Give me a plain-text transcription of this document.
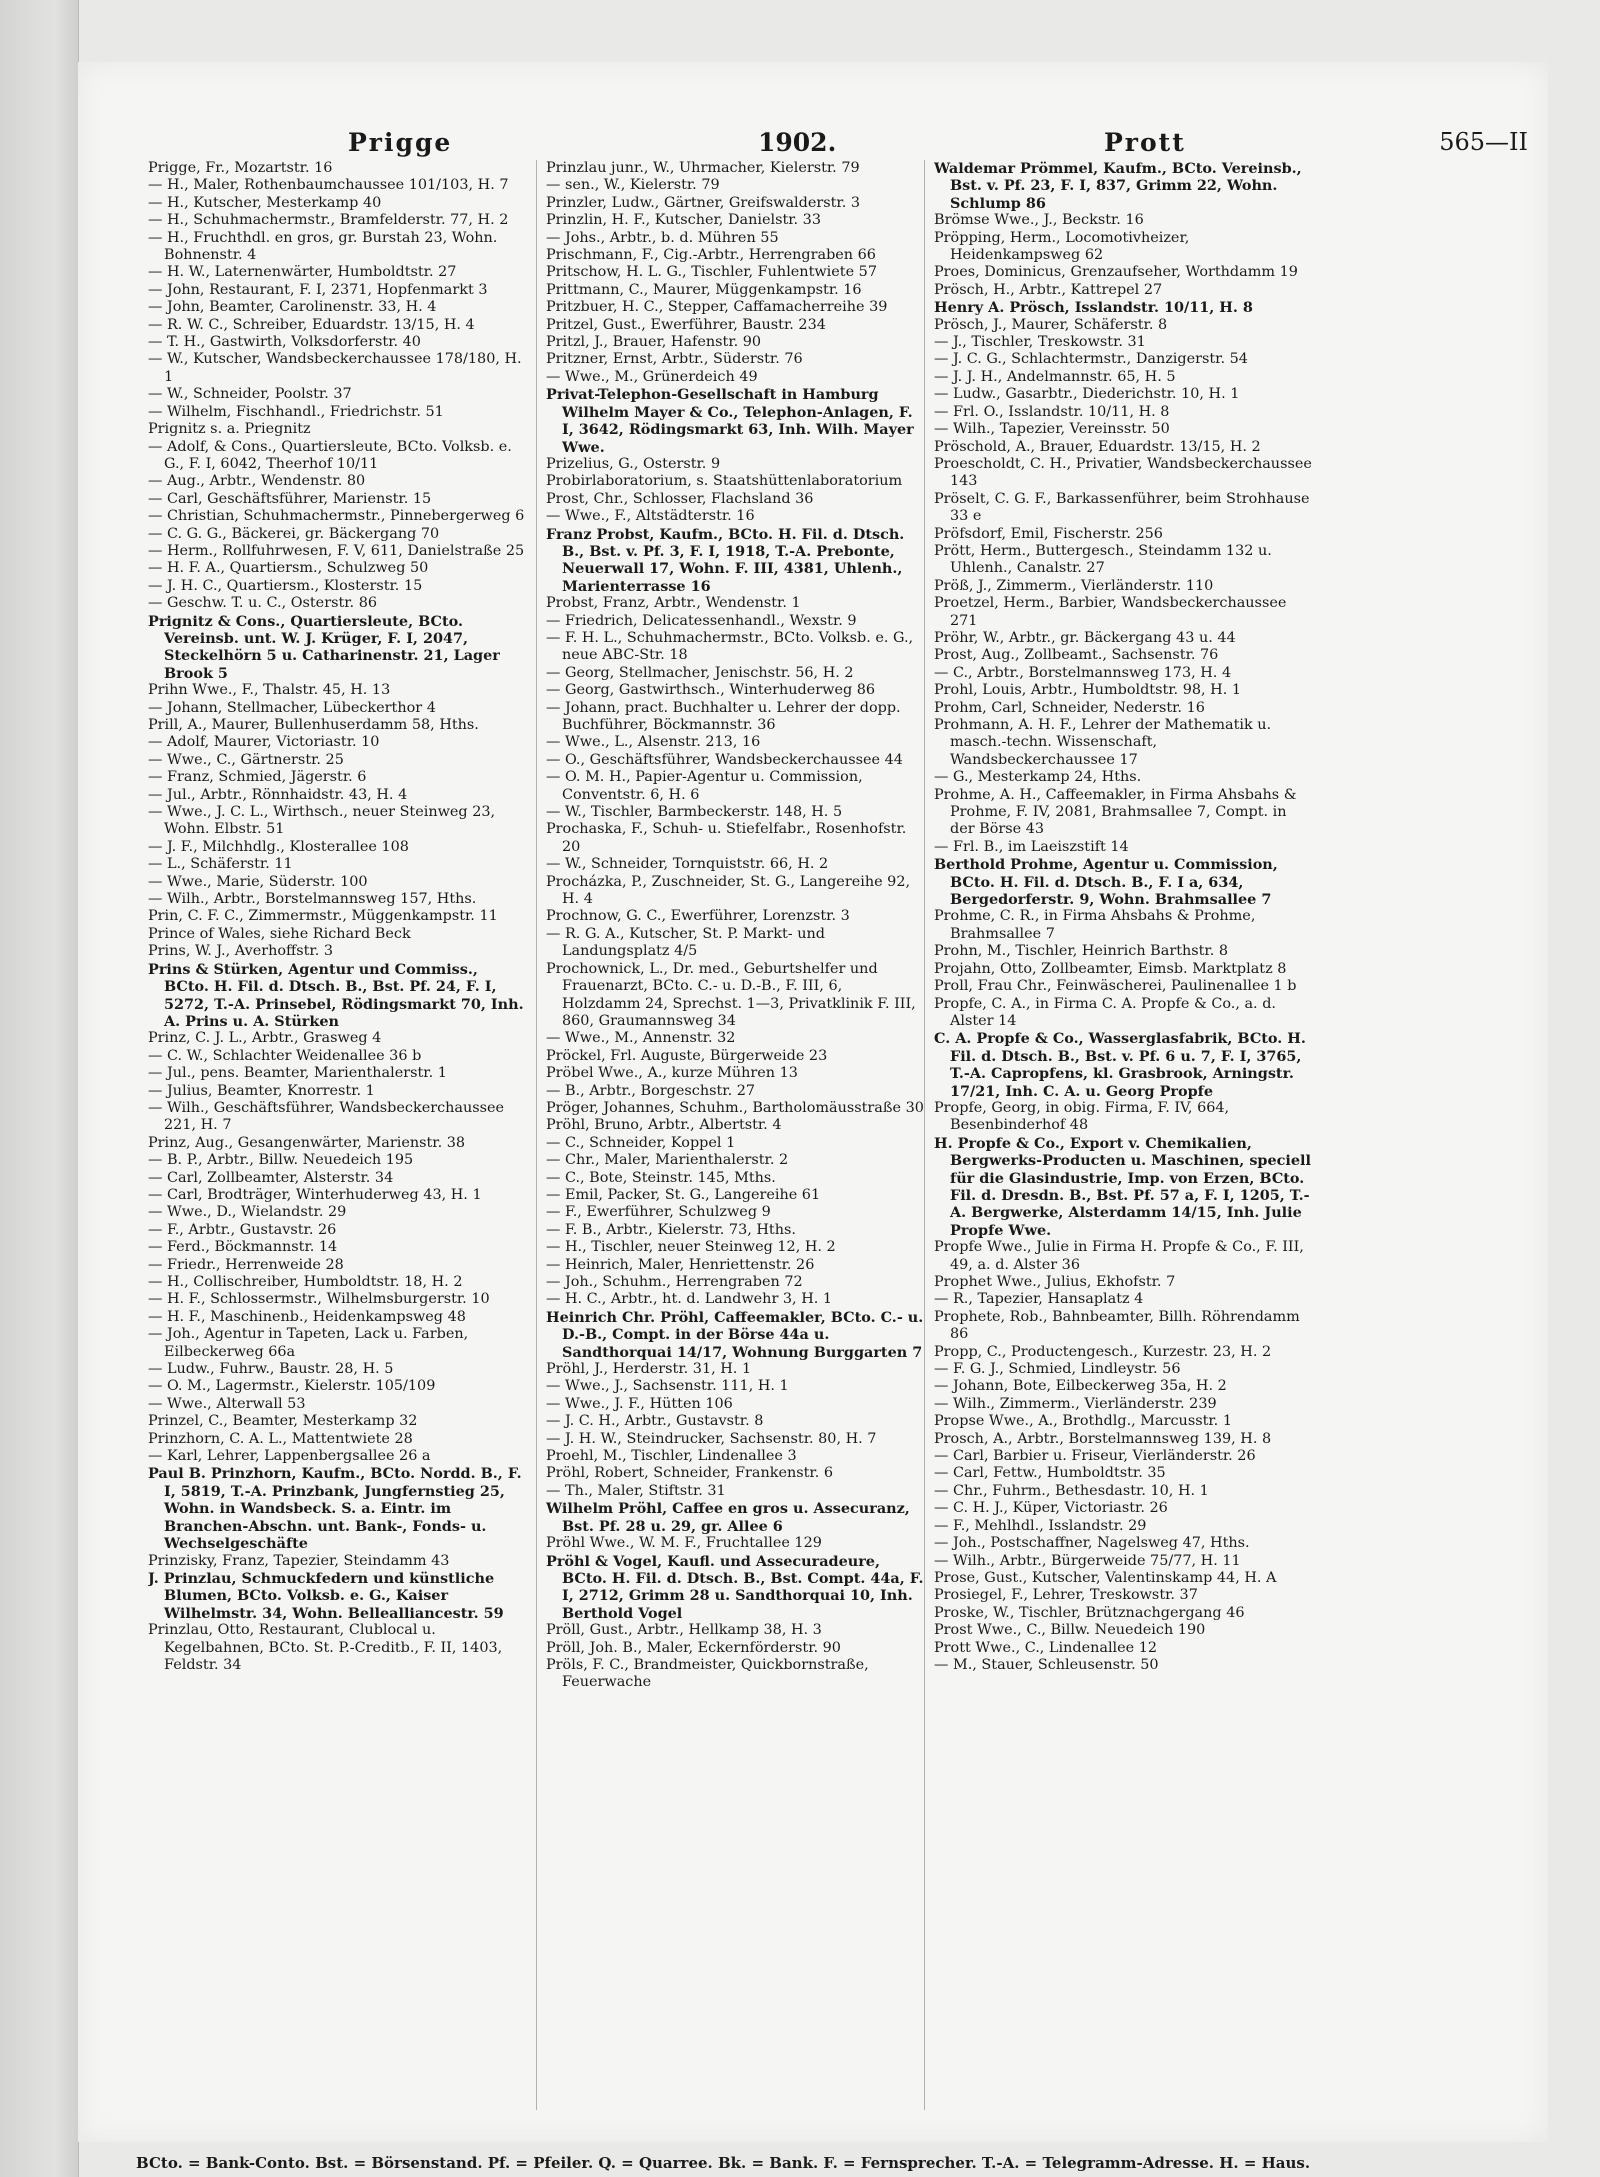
Prigge	1902.	Prott	565—II

Prigge, Fr., Mozartstr. 16

— H., Maler, Rothenbaumchaussee 101/103, H. 7

— H., Kutscher, Mesterkamp 40

— H., Schuhmachermstr., Bramfelderstr. 77, H. 2

— H., Fruchthdl. en gros, gr. Burstah 23, Wohn. Bohnenstr. 4

— H. W., Laternenwärter, Humboldtstr. 27

— John, Restaurant, F. I, 2371, Hopfenmarkt 3

— John, Beamter, Carolinenstr. 33, H. 4

— R. W. C., Schreiber, Eduardstr. 13/15, H. 4

— T. H., Gastwirth, Volksdorferstr. 40

— W., Kutscher, Wandsbeckerchaussee 178/180, H. 1

— W., Schneider, Poolstr. 37

— Wilhelm, Fischhandl., Friedrichstr. 51

Prignitz s. a. Priegnitz

— Adolf, & Cons., Quartiersleute, BCto. Volksb. e. G., F. I, 6042, Theerhof 10/11

— Aug., Arbtr., Wendenstr. 80

— Carl, Geschäftsführer, Marienstr. 15

— Christian, Schuhmachermstr., Pinnebergerweg 6

— C. G. G., Bäckerei, gr. Bäckergang 70

— Herm., Rollfuhrwesen, F. V, 611, Danielstraße 25

— H. F. A., Quartiersm., Schulzweg 50

— J. H. C., Quartiersm., Klosterstr. 15

— Geschw. T. u. C., Osterstr. 86

Prignitz & Cons., Quartiersleute, BCto. Vereinsb. unt. W. J. Krüger, F. I, 2047, Steckelhörn 5 u. Catharinenstr. 21, Lager Brook 5

Prihn Wwe., F., Thalstr. 45, H. 13

— Johann, Stellmacher, Lübeckerthor 4

Prill, A., Maurer, Bullenhuserdamm 58, Hths.

— Adolf, Maurer, Victoriastr. 10

— Wwe., C., Gärtnerstr. 25

— Franz, Schmied, Jägerstr. 6

— Jul., Arbtr., Rönnhaidstr. 43, H. 4

— Wwe., J. C. L., Wirthsch., neuer Steinweg 23, Wohn. Elbstr. 51

— J. F., Milchhdlg., Klosterallee 108

— L., Schäferstr. 11

— Wwe., Marie, Süderstr. 100

— Wilh., Arbtr., Borstelmannsweg 157, Hths.

Prin, C. F. C., Zimmermstr., Müggenkampstr. 11

Prince of Wales, siehe Richard Beck

Prins, W. J., Averhoffstr. 3

Prins & Stürken, Agentur und Commiss., BCto. H. Fil. d. Dtsch. B., Bst. Pf. 24, F. I, 5272, T.-A. Prinsebel, Rödingsmarkt 70, Inh. A. Prins u. A. Stürken

Prinz, C. J. L., Arbtr., Grasweg 4

— C. W., Schlachter Weidenallee 36 b

— Jul., pens. Beamter, Marienthalerstr. 1

— Julius, Beamter, Knorrestr. 1

— Wilh., Geschäftsführer, Wandsbeckerchaussee 221, H. 7

Prinz, Aug., Gesangenwärter, Marienstr. 38

— B. P., Arbtr., Billw. Neuedeich 195

— Carl, Zollbeamter, Alsterstr. 34

— Carl, Brodträger, Winterhuderweg 43, H. 1

— Wwe., D., Wielandstr. 29

— F., Arbtr., Gustavstr. 26

— Ferd., Böckmannstr. 14

— Friedr., Herrenweide 28

— H., Collischreiber, Humboldtstr. 18, H. 2

— H. F., Schlossermstr., Wilhelmsburgerstr. 10

— H. F., Maschinenb., Heidenkampsweg 48

— Joh., Agentur in Tapeten, Lack u. Farben, Eilbeckerweg 66a

— Ludw., Fuhrw., Baustr. 28, H. 5

— O. M., Lagermstr., Kielerstr. 105/109

— Wwe., Alterwall 53

Prinzel, C., Beamter, Mesterkamp 32

Prinzhorn, C. A. L., Mattentwiete 28

— Karl, Lehrer, Lappenbergsallee 26 a

Paul B. Prinzhorn, Kaufm., BCto. Nordd. B., F. I, 5819, T.-A. Prinzbank, Jungfernstieg 25, Wohn. in Wandsbeck. S. a. Eintr. im Branchen-Abschn. unt. Bank-, Fonds- u. Wechselgeschäfte

Prinzisky, Franz, Tapezier, Steindamm 43

J. Prinzlau, Schmuckfedern und künstliche Blumen, BCto. Volksb. e. G., Kaiser Wilhelmstr. 34, Wohn. Bellealliancestr. 59

Prinzlau, Otto, Restaurant, Clublocal u. Kegelbahnen, BCto. St. P.-Creditb., F. II, 1403, Feldstr. 34

Prinzlau junr., W., Uhrmacher, Kielerstr. 79

— sen., W., Kielerstr. 79

Prinzler, Ludw., Gärtner, Greifswalderstr. 3

Prinzlin, H. F., Kutscher, Danielstr. 33

— Johs., Arbtr., b. d. Mühren 55

Prischmann, F., Cig.-Arbtr., Herrengraben 66

Pritschow, H. L. G., Tischler, Fuhlentwiete 57

Prittmann, C., Maurer, Müggenkampstr. 16

Pritzbuer, H. C., Stepper, Caffamacherreihe 39

Pritzel, Gust., Ewerführer, Baustr. 234

Pritzl, J., Brauer, Hafenstr. 90

Pritzner, Ernst, Arbtr., Süderstr. 76

— Wwe., M., Grünerdeich 49

Privat-Telephon-Gesellschaft in Hamburg Wilhelm Mayer & Co., Telephon-Anlagen, F. I, 3642, Rödingsmarkt 63, Inh. Wilh. Mayer Wwe.

Prizelius, G., Osterstr. 9

Probirlaboratorium, s. Staatshüttenlaboratorium

Prost, Chr., Schlosser, Flachsland 36

— Wwe., F., Altstädterstr. 16

Franz Probst, Kaufm., BCto. H. Fil. d. Dtsch. B., Bst. v. Pf. 3, F. I, 1918, T.-A. Prebonte, Neuerwall 17, Wohn. F. III, 4381, Uhlenh., Marienterrasse 16

Probst, Franz, Arbtr., Wendenstr. 1

— Friedrich, Delicatessenhandl., Wexstr. 9

— F. H. L., Schuhmachermstr., BCto. Volksb. e. G., neue ABC-Str. 18

— Georg, Stellmacher, Jenischstr. 56, H. 2

— Georg, Gastwirthsch., Winterhuderweg 86

— Johann, pract. Buchhalter u. Lehrer der dopp. Buchführer, Böckmannstr. 36

— Wwe., L., Alsenstr. 213, 16

— O., Geschäftsführer, Wandsbeckerchaussee 44

— O. M. H., Papier-Agentur u. Commission, Conventstr. 6, H. 6

— W., Tischler, Barmbeckerstr. 148, H. 5

Prochaska, F., Schuh- u. Stiefelfabr., Rosenhofstr. 20

— W., Schneider, Tornquiststr. 66, H. 2

Procházka, P., Zuschneider, St. G., Langereihe 92, H. 4

Prochnow, G. C., Ewerführer, Lorenzstr. 3

— R. G. A., Kutscher, St. P. Markt- und Landungsplatz 4/5

Prochownick, L., Dr. med., Geburtshelfer und Frauenarzt, BCto. C.- u. D.-B., F. III, 6, Holzdamm 24, Sprechst. 1—3, Privatklinik F. III, 860, Graumannsweg 34

— Wwe., M., Annenstr. 32

Pröckel, Frl. Auguste, Bürgerweide 23

Pröbel Wwe., A., kurze Mühren 13

— B., Arbtr., Borgeschstr. 27

Pröger, Johannes, Schuhm., Bartholomäusstraße 30

Pröhl, Bruno, Arbtr., Albertstr. 4

— C., Schneider, Koppel 1

— Chr., Maler, Marienthalerstr. 2

— C., Bote, Steinstr. 145, Mths.

— Emil, Packer, St. G., Langereihe 61

— F., Ewerführer, Schulzweg 9

— F. B., Arbtr., Kielerstr. 73, Hths.

— H., Tischler, neuer Steinweg 12, H. 2

— Heinrich, Maler, Henriettenstr. 26

— Joh., Schuhm., Herrengraben 72

— H. C., Arbtr., ht. d. Landwehr 3, H. 1

Heinrich Chr. Pröhl, Caffeemakler, BCto. C.- u. D.-B., Compt. in der Börse 44a u. Sandthorquai 14/17, Wohnung Burggarten 7

Pröhl, J., Herderstr. 31, H. 1

— Wwe., J., Sachsenstr. 111, H. 1

— Wwe., J. F., Hütten 106

— J. C. H., Arbtr., Gustavstr. 8

— J. H. W., Steindrucker, Sachsenstr. 80, H. 7

Proehl, M., Tischler, Lindenallee 3

Pröhl, Robert, Schneider, Frankenstr. 6

— Th., Maler, Stiftstr. 31

Wilhelm Pröhl, Caffee en gros u. Assecuranz, Bst. Pf. 28 u. 29, gr. Allee 6

Pröhl Wwe., W. M. F., Fruchtallee 129

Pröhl & Vogel, Kaufl. und Assecuradeure, BCto. H. Fil. d. Dtsch. B., Bst. Compt. 44a, F. I, 2712, Grimm 28 u. Sandthorquai 10, Inh. Berthold Vogel

Pröll, Gust., Arbtr., Hellkamp 38, H. 3

Pröll, Joh. B., Maler, Eckernförderstr. 90

Pröls, F. C., Brandmeister, Quickbornstraße, Feuerwache

Waldemar Prömmel, Kaufm., BCto. Vereinsb., Bst. v. Pf. 23, F. I, 837, Grimm 22, Wohn. Schlump 86

Brömse Wwe., J., Beckstr. 16

Pröpping, Herm., Locomotivheizer, Heidenkampsweg 62

Proes, Dominicus, Grenzaufseher, Worthdamm 19

Prösch, H., Arbtr., Kattrepel 27

Henry A. Prösch, Isslandstr. 10/11, H. 8

Prösch, J., Maurer, Schäferstr. 8

— J., Tischler, Treskowstr. 31

— J. C. G., Schlachtermstr., Danzigerstr. 54

— J. J. H., Andelmannstr. 65, H. 5

— Ludw., Gasarbtr., Diederichstr. 10, H. 1

— Frl. O., Isslandstr. 10/11, H. 8

— Wilh., Tapezier, Vereinsstr. 50

Pröschold, A., Brauer, Eduardstr. 13/15, H. 2

Proescholdt, C. H., Privatier, Wandsbeckerchaussee 143

Pröselt, C. G. F., Barkassenführer, beim Strohhause 33 e

Pröfsdorf, Emil, Fischerstr. 256

Prött, Herm., Buttergesch., Steindamm 132 u. Uhlenh., Canalstr. 27

Pröß, J., Zimmerm., Vierländerstr. 110

Proetzel, Herm., Barbier, Wandsbeckerchaussee 271

Pröhr, W., Arbtr., gr. Bäckergang 43 u. 44

Prost, Aug., Zollbeamt., Sachsenstr. 76

— C., Arbtr., Borstelmannsweg 173, H. 4

Prohl, Louis, Arbtr., Humboldtstr. 98, H. 1

Prohm, Carl, Schneider, Nederstr. 16

Prohmann, A. H. F., Lehrer der Mathematik u. masch.-techn. Wissenschaft, Wandsbeckerchaussee 17

— G., Mesterkamp 24, Hths.

Prohme, A. H., Caffeemakler, in Firma Ahsbahs & Prohme, F. IV, 2081, Brahmsallee 7, Compt. in der Börse 43

— Frl. B., im Laeiszstift 14

Berthold Prohme, Agentur u. Commission, BCto. H. Fil. d. Dtsch. B., F. I a, 634, Bergedorferstr. 9, Wohn. Brahmsallee 7

Prohme, C. R., in Firma Ahsbahs & Prohme, Brahmsallee 7

Prohn, M., Tischler, Heinrich Barthstr. 8

Projahn, Otto, Zollbeamter, Eimsb. Marktplatz 8

Proll, Frau Chr., Feinwäscherei, Paulinenallee 1 b

Propfe, C. A., in Firma C. A. Propfe & Co., a. d. Alster 14

C. A. Propfe & Co., Wasserglasfabrik, BCto. H. Fil. d. Dtsch. B., Bst. v. Pf. 6 u. 7, F. I, 3765, T.-A. Capropfens, kl. Grasbrook, Arningstr. 17/21, Inh. C. A. u. Georg Propfe

Propfe, Georg, in obig. Firma, F. IV, 664, Besenbinderhof 48

H. Propfe & Co., Export v. Chemikalien, Bergwerks-Producten u. Maschinen, speciell für die Glasindustrie, Imp. von Erzen, BCto. Fil. d. Dresdn. B., Bst. Pf. 57 a, F. I, 1205, T.-A. Bergwerke, Alsterdamm 14/15, Inh. Julie Propfe Wwe.

Propfe Wwe., Julie in Firma H. Propfe & Co., F. III, 49, a. d. Alster 36

Prophet Wwe., Julius, Ekhofstr. 7

— R., Tapezier, Hansaplatz 4

Prophete, Rob., Bahnbeamter, Billh. Röhrendamm 86

Propp, C., Productengesch., Kurzestr. 23, H. 2

— F. G. J., Schmied, Lindleystr. 56

— Johann, Bote, Eilbeckerweg 35a, H. 2

— Wilh., Zimmerm., Vierländerstr. 239

Propse Wwe., A., Brothdlg., Marcusstr. 1

Prosch, A., Arbtr., Borstelmannsweg 139, H. 8

— Carl, Barbier u. Friseur, Vierländerstr. 26

— Carl, Fettw., Humboldtstr. 35

— Chr., Fuhrm., Bethesdastr. 10, H. 1

— C. H. J., Küper, Victoriastr. 26

— F., Mehlhdl., Isslandstr. 29

— Joh., Postschaffner, Nagelsweg 47, Hths.

— Wilh., Arbtr., Bürgerweide 75/77, H. 11

Prose, Gust., Kutscher, Valentinskamp 44, H. A

Prosiegel, F., Lehrer, Treskowstr. 37

Proske, W., Tischler, Brütznachgergang 46

Prost Wwe., C., Billw. Neuedeich 190

Prott Wwe., C., Lindenallee 12

— M., Stauer, Schleusenstr. 50

BCto. = Bank-Conto. Bst. = Börsenstand. Pf. = Pfeiler. Q. = Quarree. Bk. = Bank. F. = Fernsprecher. T.-A. = Telegramm-Adresse. H. = Haus.
